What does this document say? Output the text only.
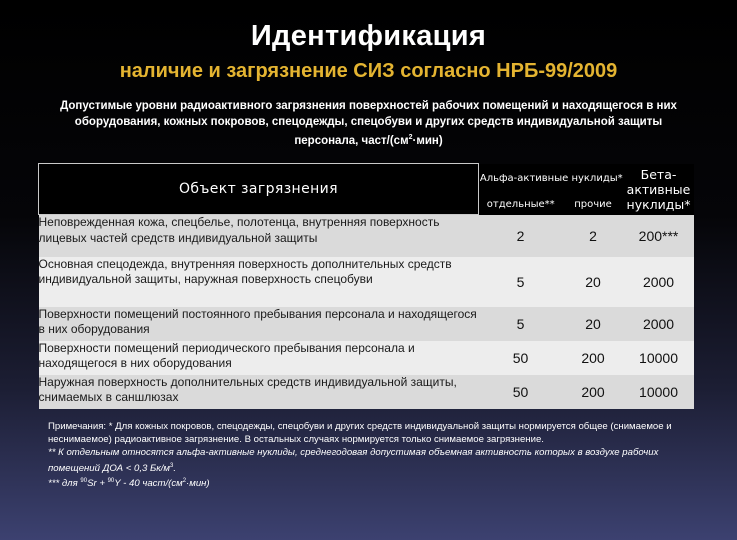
Идентификация
наличие и загрязнение СИЗ согласно НРБ-99/2009
Допустимые уровни радиоактивного загрязнения поверхностей рабочих помещений и находящегося в них оборудования, кожных покровов, спецодежды, спецобуви и других средств индивидуальной защиты персонала, част/$(см^2\cdot мин)$
Объект загрязнения	Альфа-активные нуклиды*		Бета-активные нуклиды*
	отдельные**	прочие	
Неповрежденная кожа, спецбелье, полотенца, внутренняя поверхность лицевых частей средств индивидуальной защиты	2	2	200***
Основная спецодежда, внутренняя поверхность дополнительных средств индивидуальной защиты, наружная поверхность спецобуви	5	20	2000
Поверхности помещений постоянного пребывания персонала и находящегося в них оборудования	5	20	2000
Поверхности помещений периодического пребывания персонала и находящегося в них оборудования	50	200	10000
Наружная поверхность дополнительных средств индивидуальной защиты, снимаемых в саншлюзах	50	200	10000
Примечания: * Для кожных покровов, спецодежды, спецобуви и других средств индивидуальной защиты нормируется общее (снимаемое и неснимаемое) радиоактивное загрязнение. В остальных случаях нормируется только снимаемое загрязнение.
** К отдельным относятся альфа-активные нуклиды, среднегодовая допустимая объемная активность которых в воздухе рабочих помещений ДОА < 0,3 $Бк/м^3$.
*** для $^{90}$Sr + $^{90}$Y - 40 част/$(см^2\cdot мин)$
